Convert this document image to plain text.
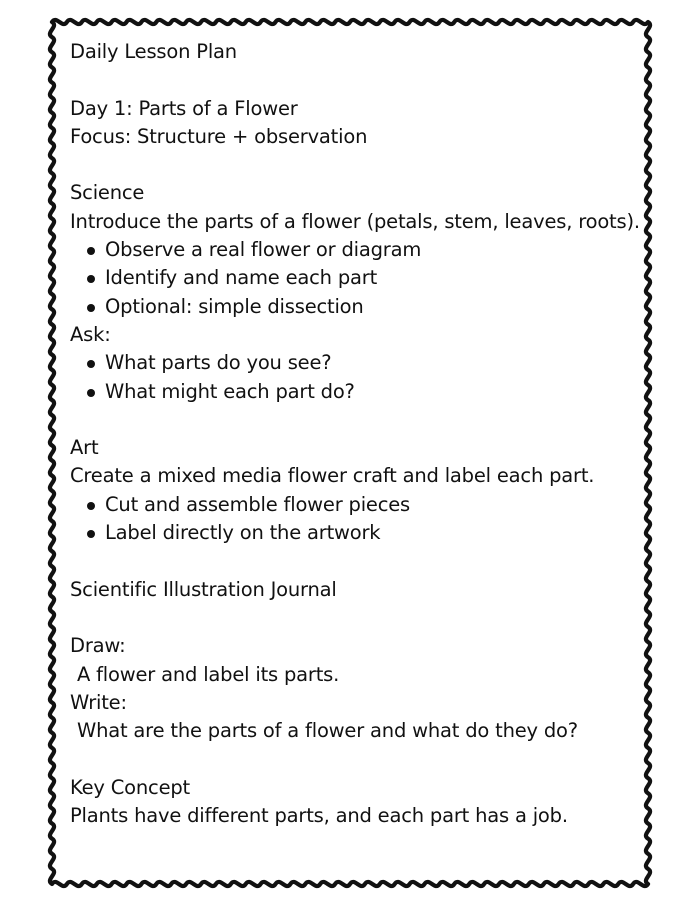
Daily Lesson Plan
Day 1: Parts of a Flower
Focus: Structure + observation
Science
Introduce the parts of a flower (petals, stem, leaves, roots).
Observe a real flower or diagram
Identify and name each part
Optional: simple dissection
Ask:
What parts do you see?
What might each part do?
Art
Create a mixed media flower craft and label each part.
Cut and assemble flower pieces
Label directly on the artwork
Scientific Illustration Journal
Draw:
A flower and label its parts.
Write:
What are the parts of a flower and what do they do?
Key Concept
Plants have different parts, and each part has a job.
